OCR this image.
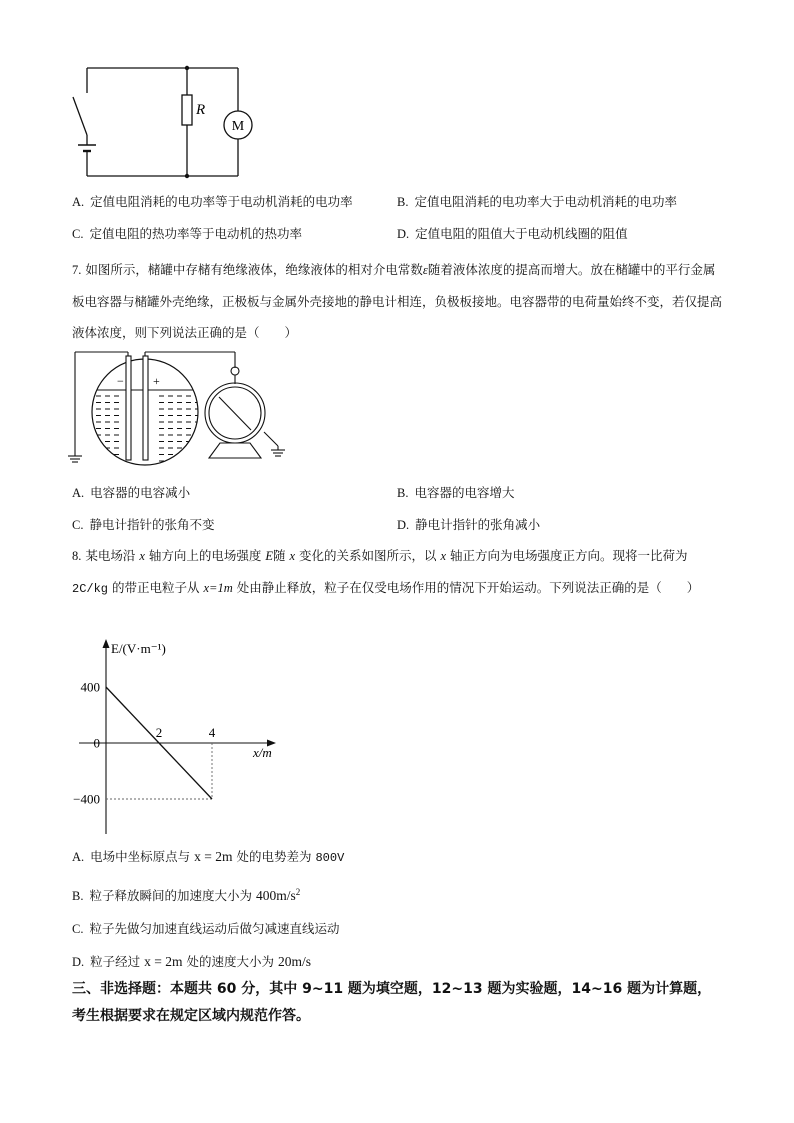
R
M
A. 定值电阻消耗的电功率等于电动机消耗的电功率	B. 定值电阻消耗的电功率大于电动机消耗的电功率
C. 定值电阻的热功率等于电动机的热功率	D. 定值电阻的阻值大于电动机线圈的阻值
7. 如图所示，槠罐中存槠有绝缘液体，绝缘液体的相对介电常数ε随着液体浓度的提高而增大。放在槠罐中的平行金属板电容器与槠罐外壳绝缘，正极板与金属外壳接地的静电计相连，负极板接地。电容器带的电荷量始终不变，若仅提高液体浓度，则下列说法正确的是（　　）
− +
A. 电容器的电容减小	B. 电容器的电容增大
C. 静电计指针的张角不变	D. 静电计指针的张角减小
8. 某电场沿 x 轴方向上的电场强度 E随 x 变化的关系如图所示，以 x 轴正方向为电场强度正方向。现将一比荷为 2C/kg 的带正电粒子从 x=1m 处由静止释放，粒子在仅受电场作用的情况下开始运动。下列说法正确的是（　　）
E/(V·m⁻¹)
x/m
400
0
−400
2	4
A. 电场中坐标原点与 x = 2m 处的电势差为 800V
B. 粒子释放瞬间的加速度大小为 $400m/s^2$
C. 粒子先做匀加速直线运动后做匀减速直线运动
D. 粒子经过 x = 2m 处的速度大小为 20m/s
三、非选择题：本题共 60 分，其中 9~11 题为填空题，12~13 题为实验题，14~16 题为计算题，考生根据要求在规定区域内规范作答。
